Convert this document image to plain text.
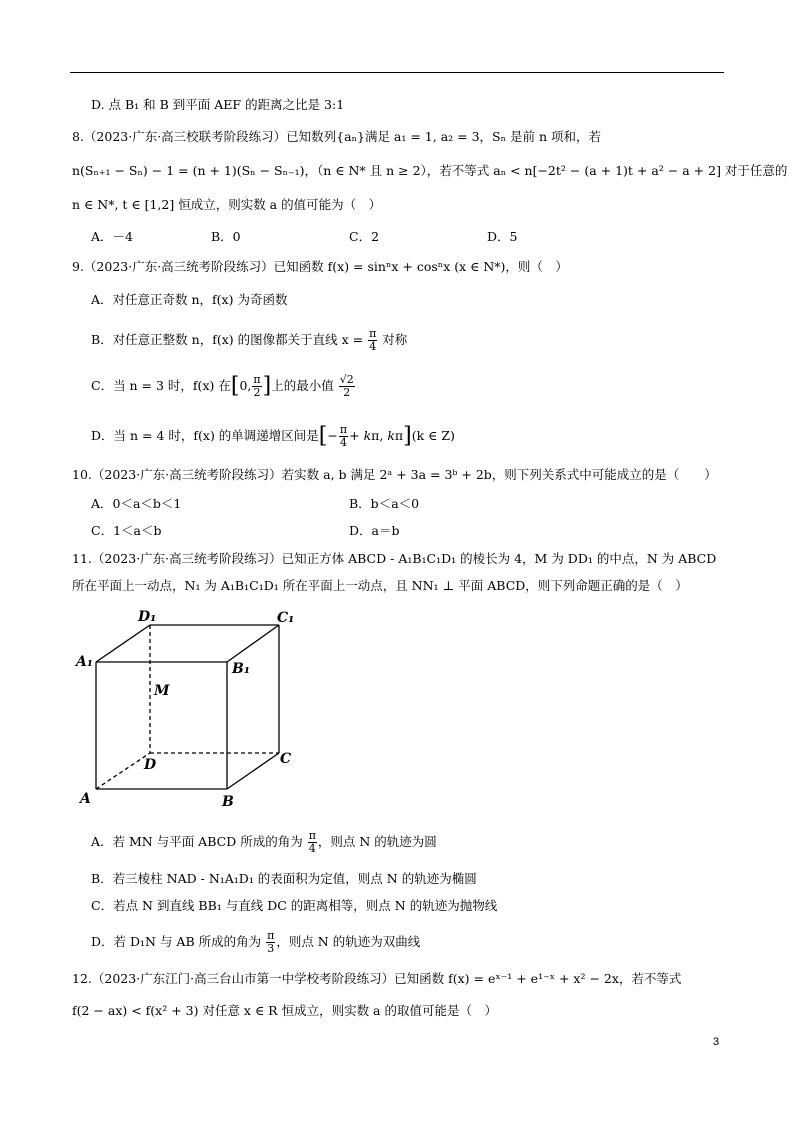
D. 点 B₁ 和 B 到平面 AEF 的距离之比是 3:1
8.（2023·广东·高三校联考阶段练习）已知数列{aₙ}满足 a₁ = 1, a₂ = 3，Sₙ 是前 n 项和，若
n(Sₙ₊₁ − Sₙ) − 1 = (n + 1)(Sₙ − Sₙ₋₁)，（n ∈ N* 且 n ≥ 2），若不等式 aₙ < n[−2t² − (a + 1)t + a² − a + 2] 对于任意的
n ∈ N*, t ∈ [1,2] 恒成立，则实数 a 的值可能为（　）
A．－4	B．0	C．2	D．5
9.（2023·广东·高三统考阶段练习）已知函数 f(x) = sinⁿx + cosⁿx (x ∈ N*)，则（　）
A．对任意正奇数 n，f(x) 为奇函数
B．对任意正整数 n，f(x) 的图像都关于直线 $x = \frac{\pi}{4}$ 对称
C．当 n = 3 时，f(x) 在[0, $\frac{\pi}{2}$ ]上的最小值 $\frac{√2}{2}$
D．当 n = 4 时，f(x) 的单调递增区间是[− $\frac{\pi}{4} + k\pi$, kπ](k ∈ Z)
10.（2023·广东·高三统考阶段练习）若实数 a, b 满足 2ᵃ + 3a = 3ᵇ + 2b，则下列关系式中可能成立的是（　　）
A．0＜a＜b＜1	B．b＜a＜0
C．1＜a＜b	D．a＝b
11.（2023·广东·高三统考阶段练习）已知正方体 ABCD - A₁B₁C₁D₁ 的棱长为 4，M 为 DD₁ 的中点，N 为 ABCD
所在平面上一动点，N₁ 为 A₁B₁C₁D₁ 所在平面上一动点，且 NN₁ ⊥ 平面 ABCD，则下列命题正确的是（　）
D₁	C₁
A₁	B₁
M
D	C
A	B
A．若 MN 与平面 ABCD 所成的角为 $\frac{\pi}{4}$ ，则点 N 的轨迹为圆
B．若三棱柱 NAD - N₁A₁D₁ 的表面积为定值，则点 N 的轨迹为椭圆
C．若点 N 到直线 BB₁ 与直线 DC 的距离相等，则点 N 的轨迹为抛物线
D．若 D₁N 与 AB 所成的角为 $\frac{\pi}{3}$ ，则点 N 的轨迹为双曲线
12.（2023·广东江门·高三台山市第一中学校考阶段练习）已知函数 f(x) = eˣ⁻¹ + e¹⁻ˣ + x² − 2x，若不等式
f(2 − ax) < f(x² + 3) 对任意 x ∈ R 恒成立，则实数 a 的取值可能是（　）
3
